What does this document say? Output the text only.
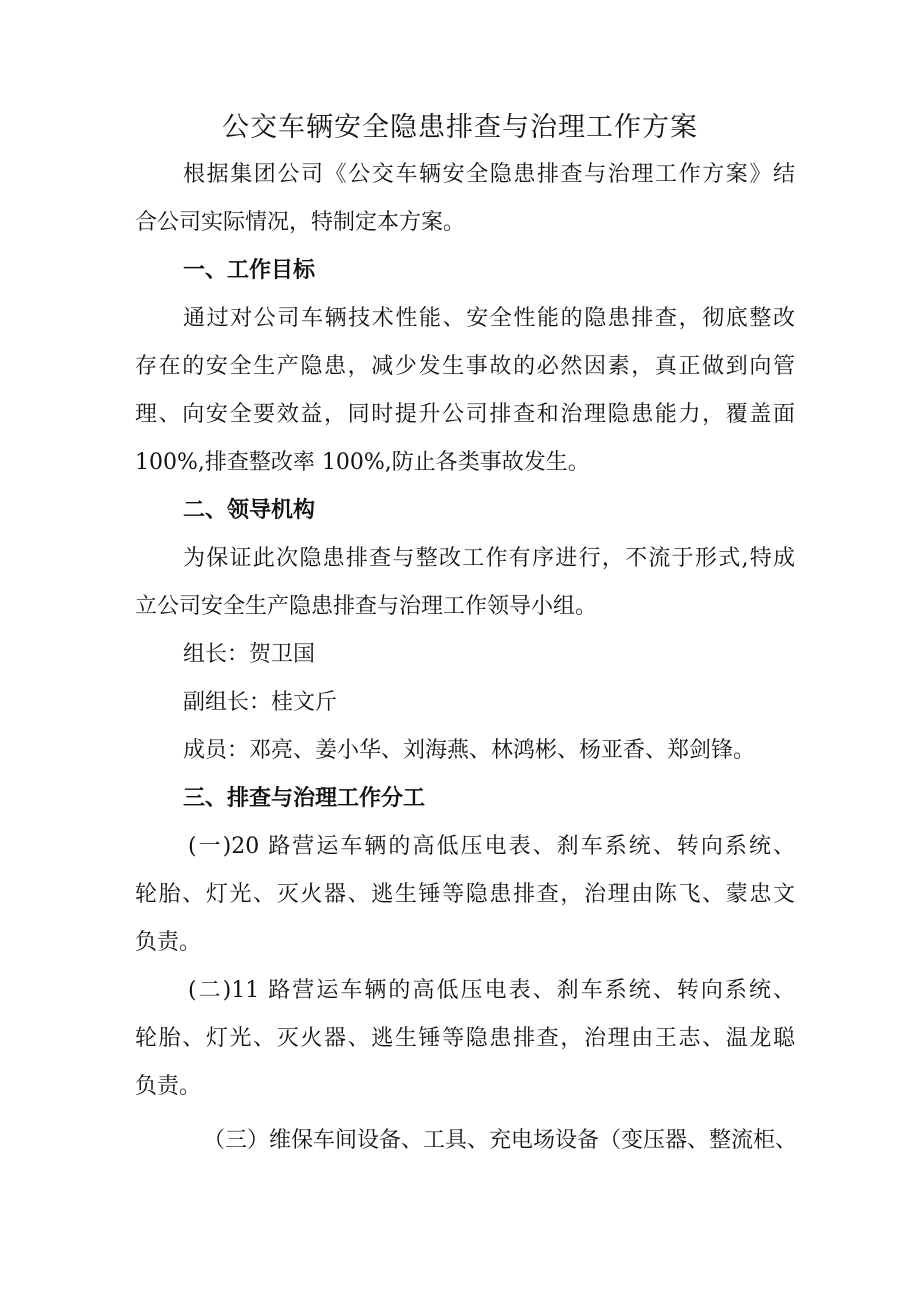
公交车辆安全隐患排查与治理工作方案
根据集团公司《公交车辆安全隐患排查与治理工作方案》结
合公司实际情况，特制定本方案。
一、工作目标
通过对公司车辆技术性能、安全性能的隐患排查，彻底整改
存在的安全生产隐患，减少发生事故的必然因素，真正做到向管
理、向安全要效益，同时提升公司排查和治理隐患能力，覆盖面
100%,排查整改率 100%,防止各类事故发生。
二、领导机构
为保证此次隐患排查与整改工作有序进行，不流于形式,特成
立公司安全生产隐患排查与治理工作领导小组。
组长：贺卫国
副组长：桂文斤
成员：邓亮、姜小华、刘海燕、林鸿彬、杨亚香、郑剑锋。
三、排查与治理工作分工
(一)20 路营运车辆的高低压电表、刹车系统、转向系统、
轮胎、灯光、灭火器、逃生锤等隐患排查，治理由陈飞、蒙忠文
负责。
(二)11 路营运车辆的高低压电表、刹车系统、转向系统、
轮胎、灯光、灭火器、逃生锤等隐患排查，治理由王志、温龙聪
负责。
（三）维保车间设备、工具、充电场设备（变压器、整流柜、
